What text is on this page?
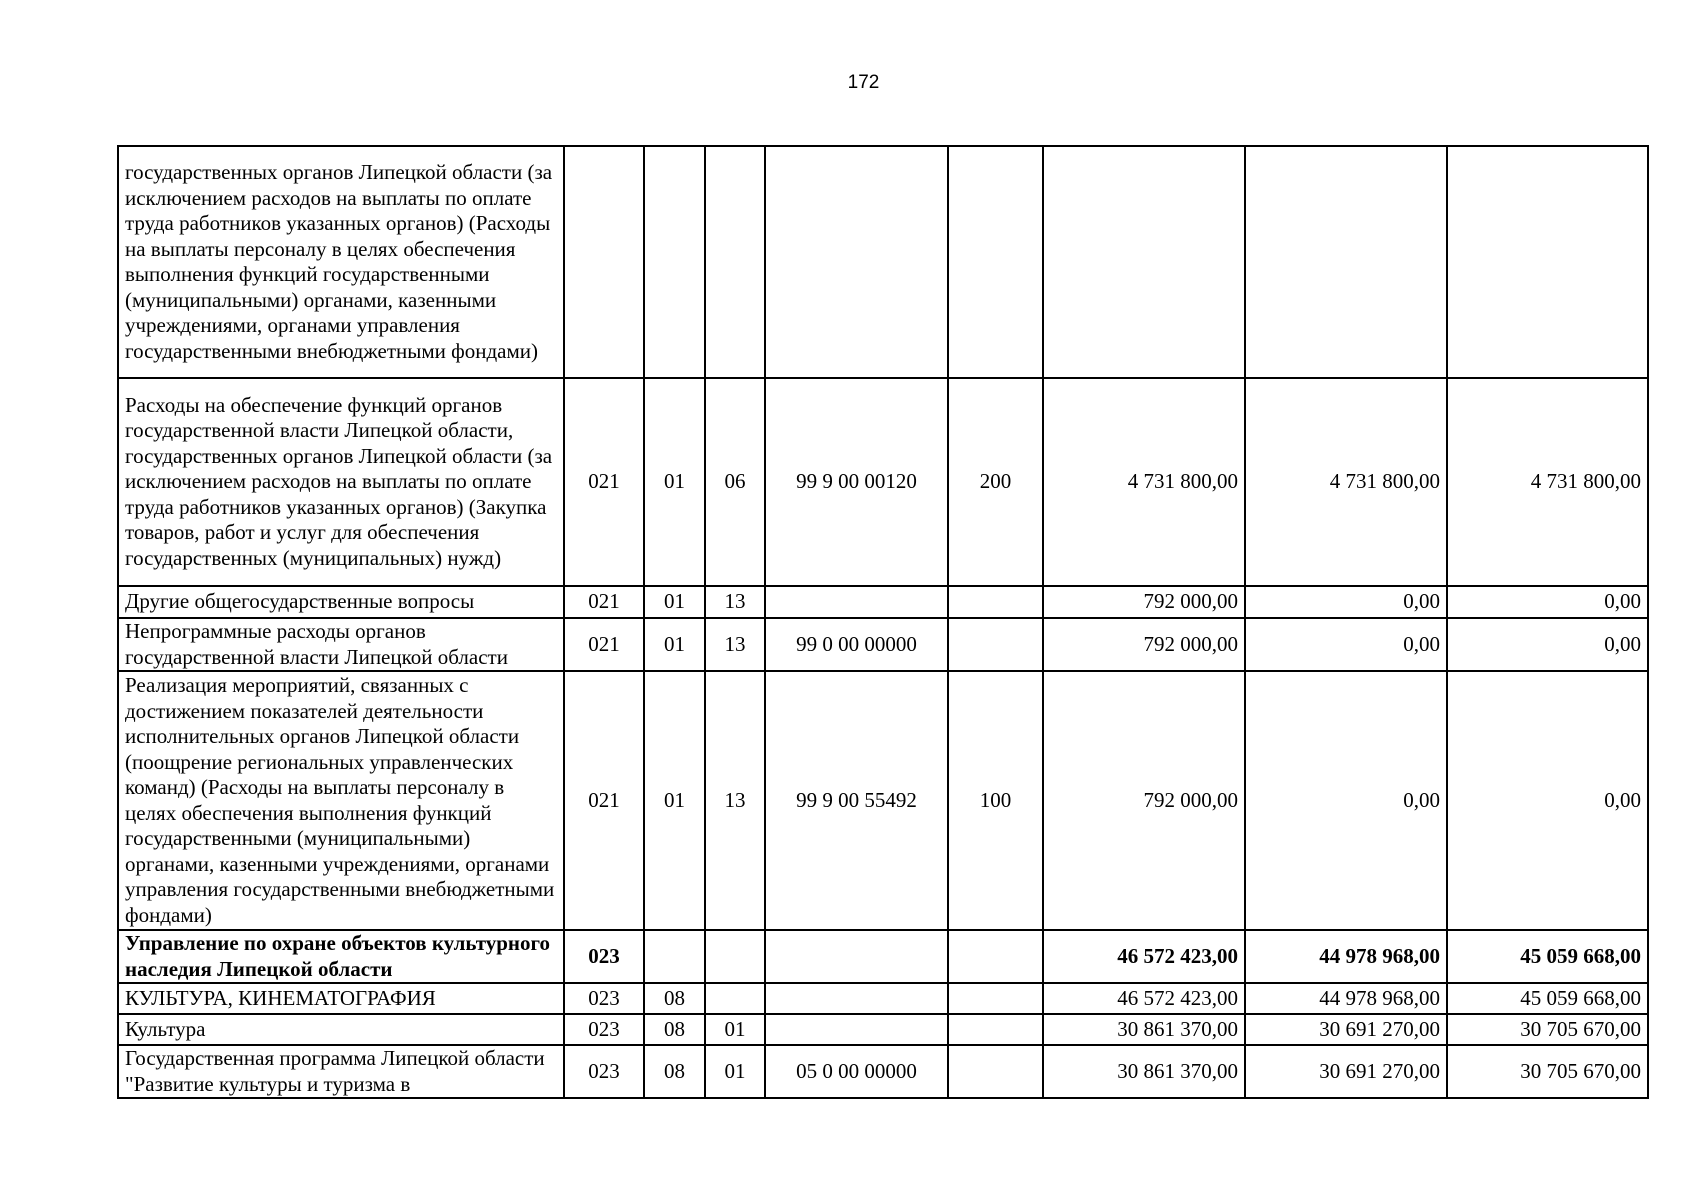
172
государственных органов Липецкой области (за исключением расходов на выплаты по оплате труда работников указанных органов) (Расходы на выплаты персоналу в целях обеспечения выполнения функций государственными (муниципальными) органами, казенными учреждениями, органами управления государственными внебюджетными фондами)								
Расходы на обеспечение функций органов государственной власти Липецкой области, государственных органов Липецкой области (за исключением расходов на выплаты по оплате труда работников указанных органов) (Закупка товаров, работ и услуг для обеспечения государственных (муниципальных) нужд)	021	01	06	99 9 00 00120	200	4 731 800,00	4 731 800,00	4 731 800,00
Другие общегосударственные вопросы	021	01	13			792 000,00	0,00	0,00
Непрограммные расходы органов государственной власти Липецкой области	021	01	13	99 0 00 00000		792 000,00	0,00	0,00
Реализация мероприятий, связанных с достижением показателей деятельности исполнительных органов Липецкой области (поощрение региональных управленческих команд) (Расходы на выплаты персоналу в целях обеспечения выполнения функций государственными (муниципальными) органами, казенными учреждениями, органами управления государственными внебюджетными фондами)	021	01	13	99 9 00 55492	100	792 000,00	0,00	0,00
Управление по охране объектов культурного наследия Липецкой области	023					46 572 423,00	44 978 968,00	45 059 668,00
КУЛЬТУРА, КИНЕМАТОГРАФИЯ	023	08				46 572 423,00	44 978 968,00	45 059 668,00
Культура	023	08	01			30 861 370,00	30 691 270,00	30 705 670,00
Государственная программа Липецкой области "Развитие культуры и туризма в	023	08	01	05 0 00 00000		30 861 370,00	30 691 270,00	30 705 670,00
